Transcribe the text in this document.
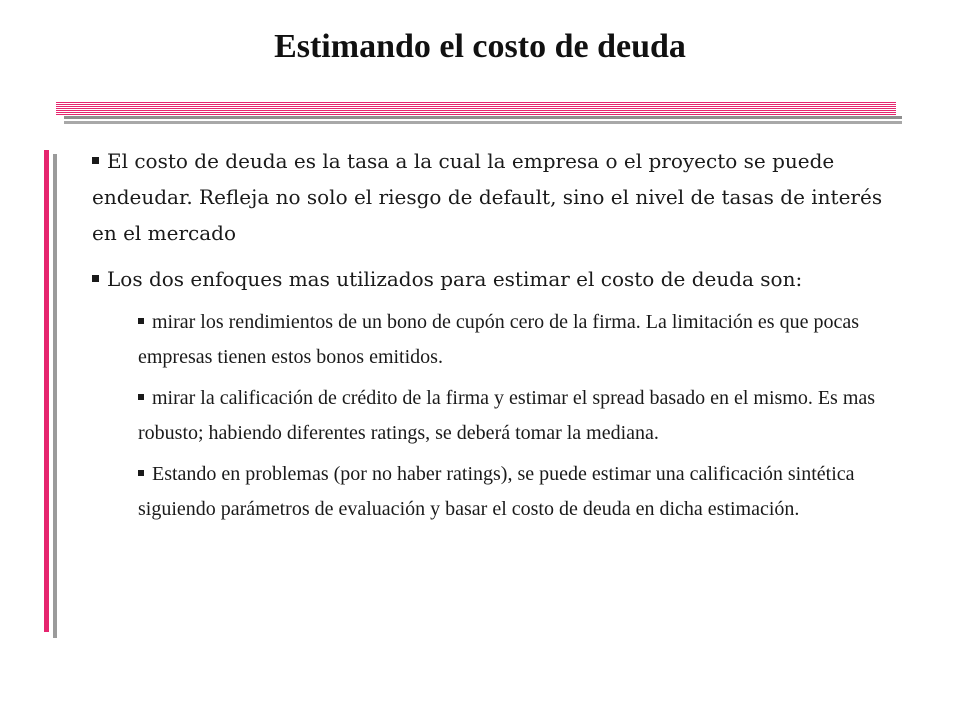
Estimando el costo de deuda

El costo de deuda es la tasa a la cual la empresa o el proyecto se puede endeudar. Refleja no solo el riesgo de default, sino el nivel de tasas de interés en el mercado

Los dos enfoques mas utilizados para estimar el costo de deuda son:

mirar los rendimientos de un bono de cupón cero de la firma. La limitación es que pocas empresas tienen estos bonos emitidos.

mirar la calificación de crédito de la firma y estimar el spread basado en el mismo. Es mas robusto; habiendo diferentes ratings, se deberá tomar la mediana.

Estando en problemas (por no haber ratings), se puede estimar una calificación sintética siguiendo parámetros de evaluación y basar el costo de deuda en dicha estimación.
